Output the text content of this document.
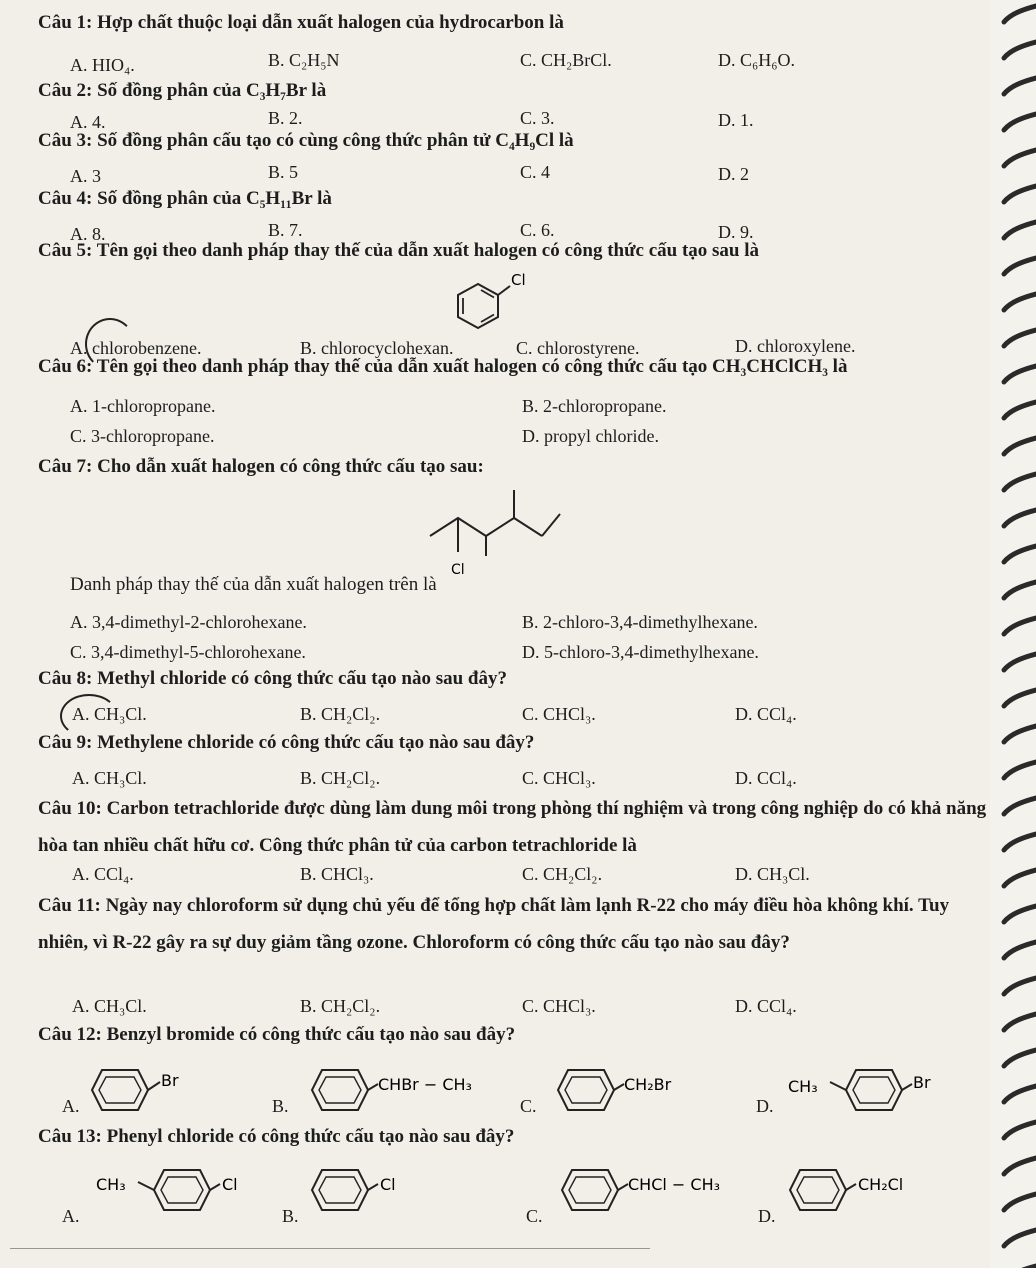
Câu 1: Hợp chất thuộc loại dẫn xuất halogen của hydrocarbon là
A. HIO₄.	B. C₂H₅N	C. CH₂BrCl.	D. C₆H₆O.
Câu 2: Số đồng phân của C₃H₇Br là
A. 4.	B. 2.	C. 3.	D. 1.
Câu 3: Số đồng phân cấu tạo có cùng công thức phân tử C₄H₉Cl là
A. 3	B. 5	C. 4	D. 2
Câu 4: Số đồng phân của C₅H₁₁Br là
A. 8.	B. 7.	C. 6.	D. 9.
Câu 5: Tên gọi theo danh pháp thay thế của dẫn xuất halogen có công thức cấu tạo sau là
Cl
A. chlorobenzene.	B. chlorocyclohexan.	C. chlorostyrene.	D. chloroxylene.
Câu 6: Tên gọi theo danh pháp thay thế của dẫn xuất halogen có công thức cấu tạo CH₃CHClCH₃ là
A. 1-chloropropane.	B. 2-chloropropane.
C. 3-chloropropane.	D. propyl chloride.
Câu 7: Cho dẫn xuất halogen có công thức cấu tạo sau:
Cl
Danh pháp thay thế của dẫn xuất halogen trên là
A. 3,4-dimethyl-2-chlorohexane.	B. 2-chloro-3,4-dimethylhexane.
C. 3,4-dimethyl-5-chlorohexane.	D. 5-chloro-3,4-dimethylhexane.
Câu 8: Methyl chloride có công thức cấu tạo nào sau đây?
A. CH₃Cl.	B. CH₂Cl₂.	C. CHCl₃.	D. CCl₄.
Câu 9: Methylene chloride có công thức cấu tạo nào sau đây?
A. CH₃Cl.	B. CH₂Cl₂.	C. CHCl₃.	D. CCl₄.
Câu 10: Carbon tetrachloride được dùng làm dung môi trong phòng thí nghiệm và trong công nghiệp do có khả năng hòa tan nhiều chất hữu cơ. Công thức phân tử của carbon tetrachloride là
A. CCl₄.	B. CHCl₃.	C. CH₂Cl₂.	D. CH₃Cl.
Câu 11: Ngày nay chloroform sử dụng chủ yếu để tổng hợp chất làm lạnh R-22 cho máy điều hòa không khí. Tuy nhiên, vì R-22 gây ra sự duy giảm tầng ozone. Chloroform có công thức cấu tạo nào sau đây?
A. CH₃Cl.	B. CH₂Cl₂.	C. CHCl₃.	D. CCl₄.
Câu 12: Benzyl bromide có công thức cấu tạo nào sau đây?
A.
Br
B.
CHBr − CH₃
C.
CH₂Br
D.
CH₃	Br
Câu 13: Phenyl chloride có công thức cấu tạo nào sau đây?
A.
CH₃	Cl
B.
Cl
C.
CHCl − CH₃
D.
CH₂Cl
